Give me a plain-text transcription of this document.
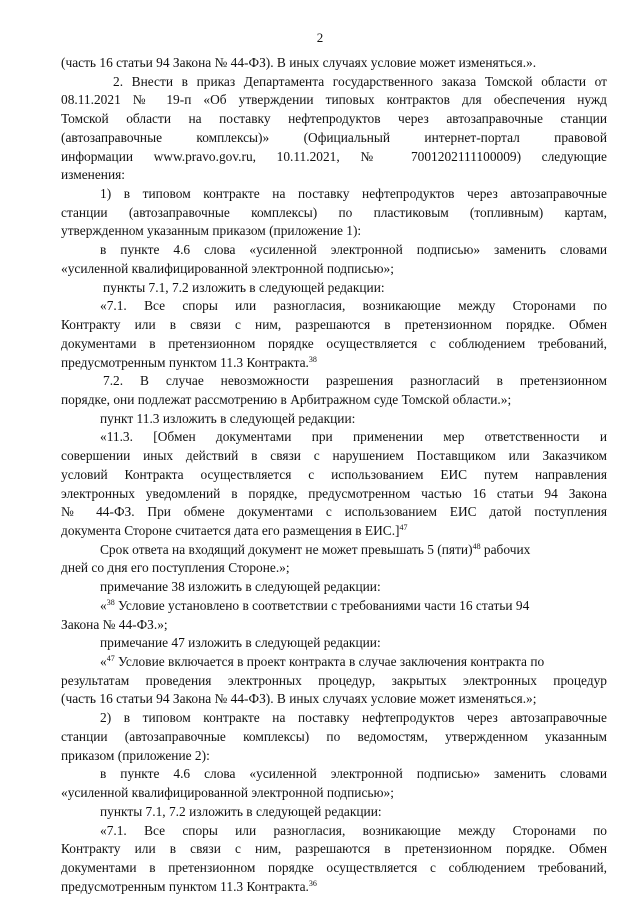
2
(часть 16 статьи 94 Закона № 44-ФЗ). В иных случаях условие может изменяться.».
2. Внести в приказ Департамента государственного заказа Томской области от
08.11.2021 № 19-п «Об утверждении типовых контрактов для обеспечения нужд
Томской области на поставку нефтепродуктов через автозаправочные станции
(автозаправочные комплексы)» (Официальный интернет-портал правовой
информации www.pravo.gov.ru, 10.11.2021, № 7001202111100009) следующие
изменения:
1) в типовом контракте на поставку нефтепродуктов через автозаправочные
станции (автозаправочные комплексы) по пластиковым (топливным) картам,
утвержденном указанным приказом (приложение 1):
в пункте 4.6 слова «усиленной электронной подписью» заменить словами
«усиленной квалифицированной электронной подписью»;
пункты 7.1, 7.2 изложить в следующей редакции:
«7.1. Все споры или разногласия, возникающие между Сторонами по
Контракту или в связи с ним, разрешаются в претензионном порядке. Обмен
документами в претензионном порядке осуществляется с соблюдением требований,
предусмотренным пунктом 11.3 Контракта.$^{38}$
7.2. В случае невозможности разрешения разногласий в претензионном
порядке, они подлежат рассмотрению в Арбитражном суде Томской области.»;
пункт 11.3 изложить в следующей редакции:
«11.3. [Обмен документами при применении мер ответственности и
совершении иных действий в связи с нарушением Поставщиком или Заказчиком
условий Контракта осуществляется с использованием ЕИС путем направления
электронных уведомлений в порядке, предусмотренном частью 16 статьи 94 Закона
№ 44-ФЗ. При обмене документами с использованием ЕИС датой поступления
документа Стороне считается дата его размещения в ЕИС.]$^{47}$
Срок ответа на входящий документ не может превышать 5 (пяти)$^{48}$ рабочих
дней со дня его поступления Стороне.»;
примечание 38 изложить в следующей редакции:
«$^{38}$ Условие установлено в соответствии с требованиями части 16 статьи 94
Закона № 44-ФЗ.»;
примечание 47 изложить в следующей редакции:
«$^{47}$ Условие включается в проект контракта в случае заключения контракта по
результатам проведения электронных процедур, закрытых электронных процедур
(часть 16 статьи 94 Закона № 44-ФЗ). В иных случаях условие может изменяться.»;
2) в типовом контракте на поставку нефтепродуктов через автозаправочные
станции (автозаправочные комплексы) по ведомостям, утвержденном указанным
приказом (приложение 2):
в пункте 4.6 слова «усиленной электронной подписью» заменить словами
«усиленной квалифицированной электронной подписью»;
пункты 7.1, 7.2 изложить в следующей редакции:
«7.1. Все споры или разногласия, возникающие между Сторонами по
Контракту или в связи с ним, разрешаются в претензионном порядке. Обмен
документами в претензионном порядке осуществляется с соблюдением требований,
предусмотренным пунктом 11.3 Контракта.$^{36}$
